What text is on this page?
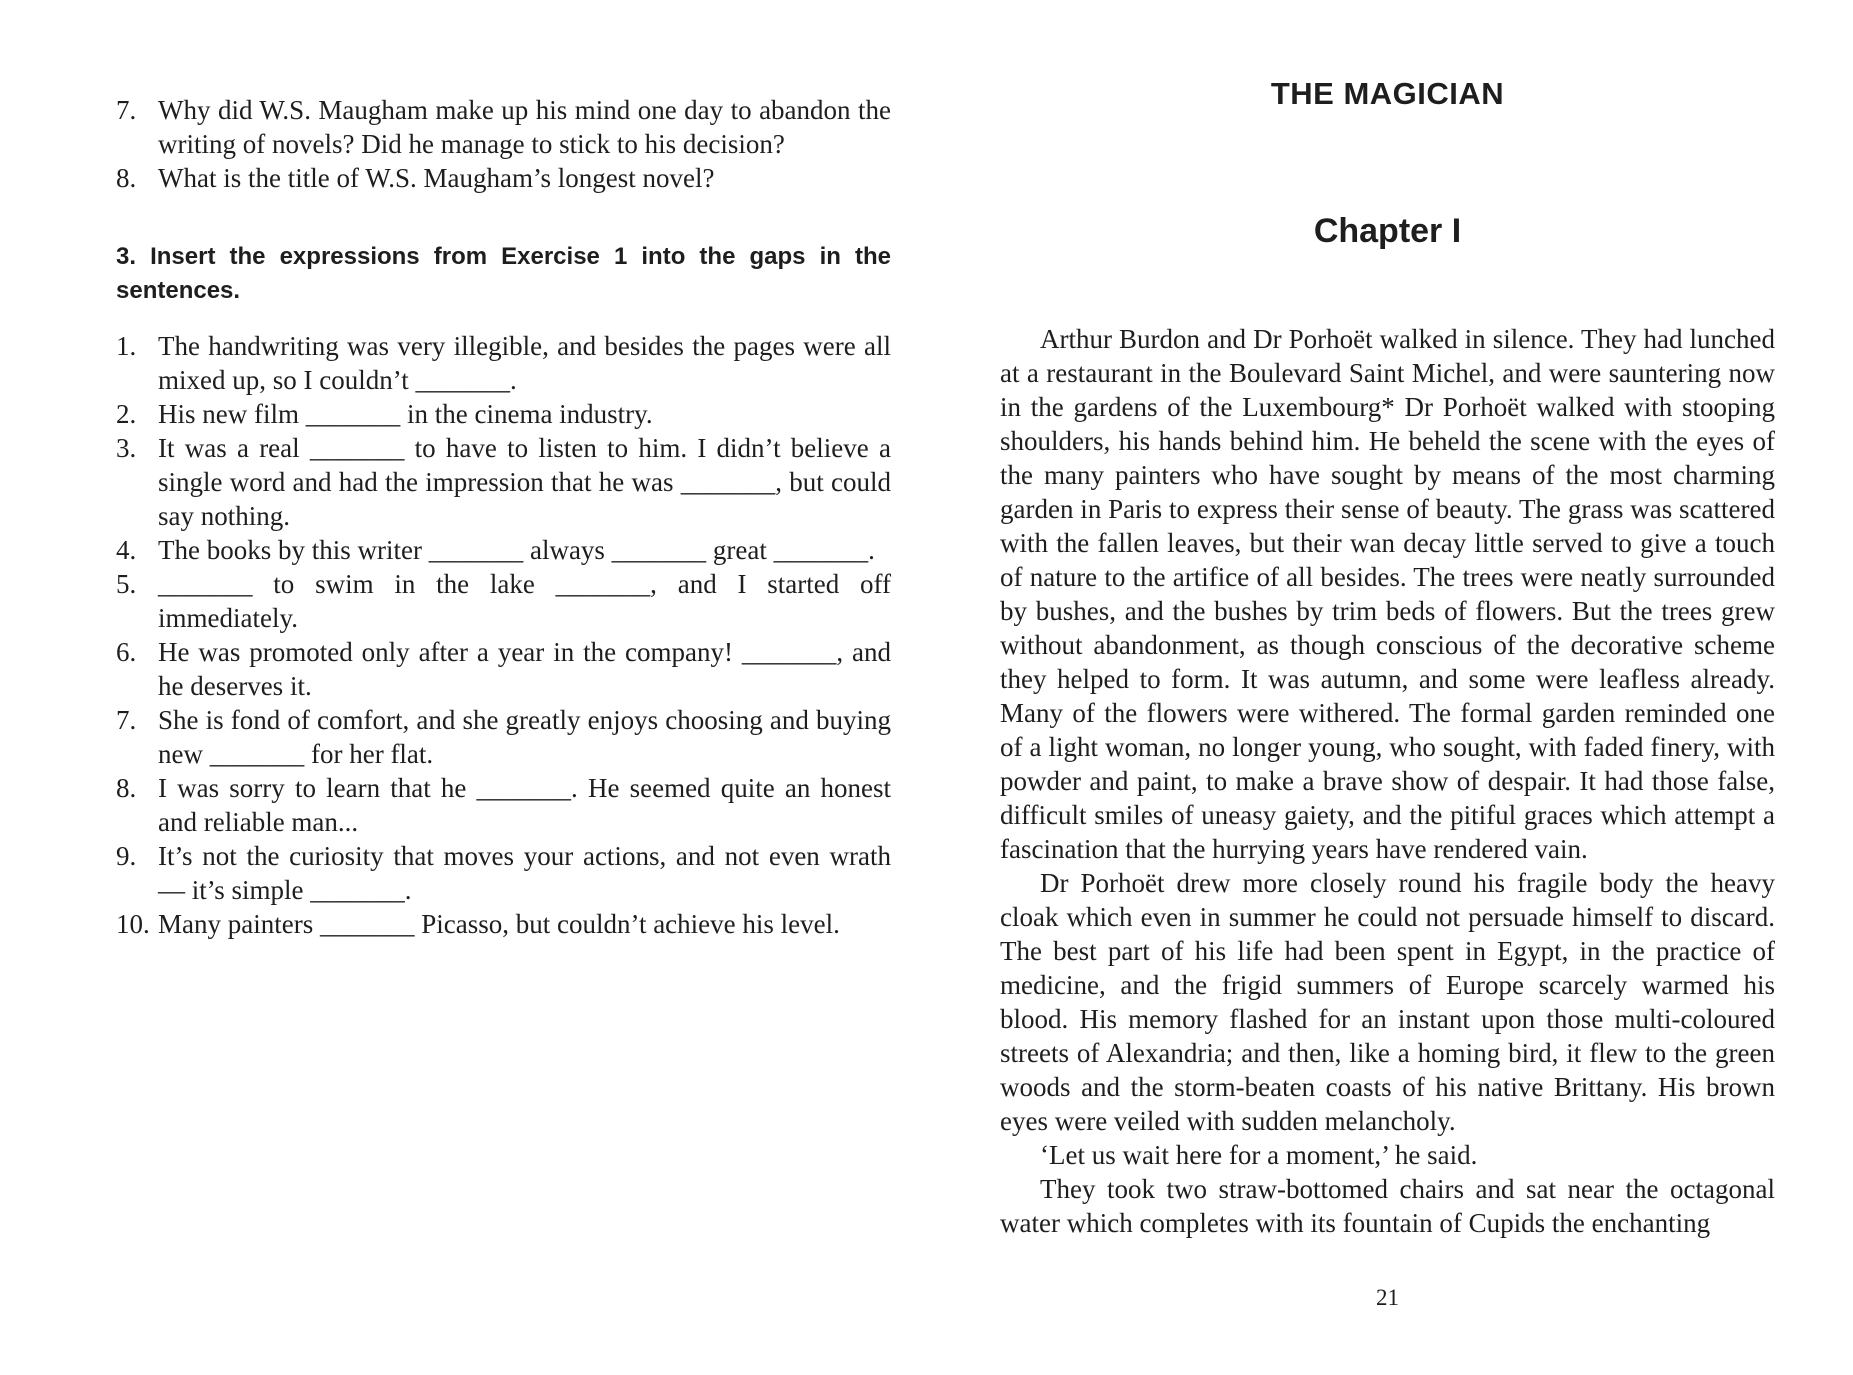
7. Why did W.S. Maugham make up his mind one day to abandon the writing of novels? Did he manage to stick to his decision?
8. What is the title of W.S. Maugham’s longest novel?
3. Insert the expressions from Exercise 1 into the gaps in the sentences.
1. The handwriting was very illegible, and besides the pages were all mixed up, so I couldn’t _______.
2. His new film _______ in the cinema industry.
3. It was a real _______ to have to listen to him. I didn’t believe a single word and had the impression that he was _______, but could say nothing.
4. The books by this writer _______ always _______ great _______.
5. _______ to swim in the lake _______, and I started off immediately.
6. He was promoted only after a year in the company! _______, and he deserves it.
7. She is fond of comfort, and she greatly enjoys choosing and buying new _______ for her flat.
8. I was sorry to learn that he _______. He seemed quite an honest and reliable man...
9. It’s not the curiosity that moves your actions, and not even wrath — it’s simple _______.
10. Many painters _______ Picasso, but couldn’t achieve his level.
THE MAGICIAN
Chapter I

Arthur Burdon and Dr Porhoët walked in silence. They had lunched at a restaurant in the Boulevard Saint Michel, and were sauntering now in the gardens of the Luxembourg* Dr Porhoët walked with stooping shoulders, his hands behind him. He beheld the scene with the eyes of the many painters who have sought by means of the most charming garden in Paris to express their sense of beauty. The grass was scattered with the fallen leaves, but their wan decay little served to give a touch of nature to the artifice of all besides. The trees were neatly surrounded by bushes, and the bushes by trim beds of flowers. But the trees grew without abandonment, as though conscious of the decorative scheme they helped to form. It was autumn, and some were leafless already. Many of the flowers were withered. The formal garden reminded one of a light woman, no longer young, who sought, with faded finery, with powder and paint, to make a brave show of despair. It had those false, difficult smiles of uneasy gaiety, and the pitiful graces which attempt a fascination that the hurrying years have rendered vain.

Dr Porhoët drew more closely round his fragile body the heavy cloak which even in summer he could not persuade himself to discard. The best part of his life had been spent in Egypt, in the practice of medicine, and the frigid summers of Europe scarcely warmed his blood. His memory flashed for an instant upon those multi-coloured streets of Alexandria; and then, like a homing bird, it flew to the green woods and the storm-beaten coasts of his native Brittany. His brown eyes were veiled with sudden melancholy.

‘Let us wait here for a moment,’ he said.

They took two straw-bottomed chairs and sat near the octagonal water which completes with its fountain of Cupids the enchanting

21
